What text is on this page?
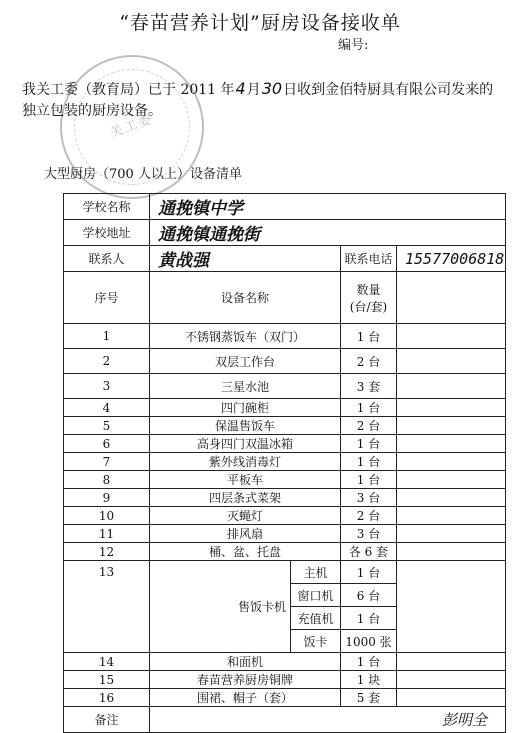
“春苗营养计划”厨房设备接收单
编号:
关工委
我关工委（教育局）已于 2011 年4月30日收到金佰特厨具有限公司发来的
独立包装的厨房设备。
大型厨房（700 人以上）设备清单
学校名称	通挽镇中学			
学校地址	通挽镇通挽街			
联系人	黄战强		联系电话	15577006818
序号	设备名称		数量
(台/套)	

1	不锈钢蒸饭车（双门）		1 台	
2	双层工作台		2 台	
3	三星水池		3 套	
4	四门碗柜		1 台	
5	保温售饭车		2 台	
6	高身四门双温冰箱		1 台	
7	紫外线消毒灯		1 台	
8	平板车		1 台	
9	四层条式菜架		3 台	
10	灭蝇灯		2 台	
11	排风扇		3 台	
12	桶、盆、托盘		各 6 套	
13	售饭卡机	主机	1 台	
		窗口机	6 台	
		充值机	1 台	
		饭卡	1000 张	
14	和面机		1 台	
15	春苗营养厨房铜牌		1 块	
16	围裙、帽子（套）		5 套	
备注	彭明全			
